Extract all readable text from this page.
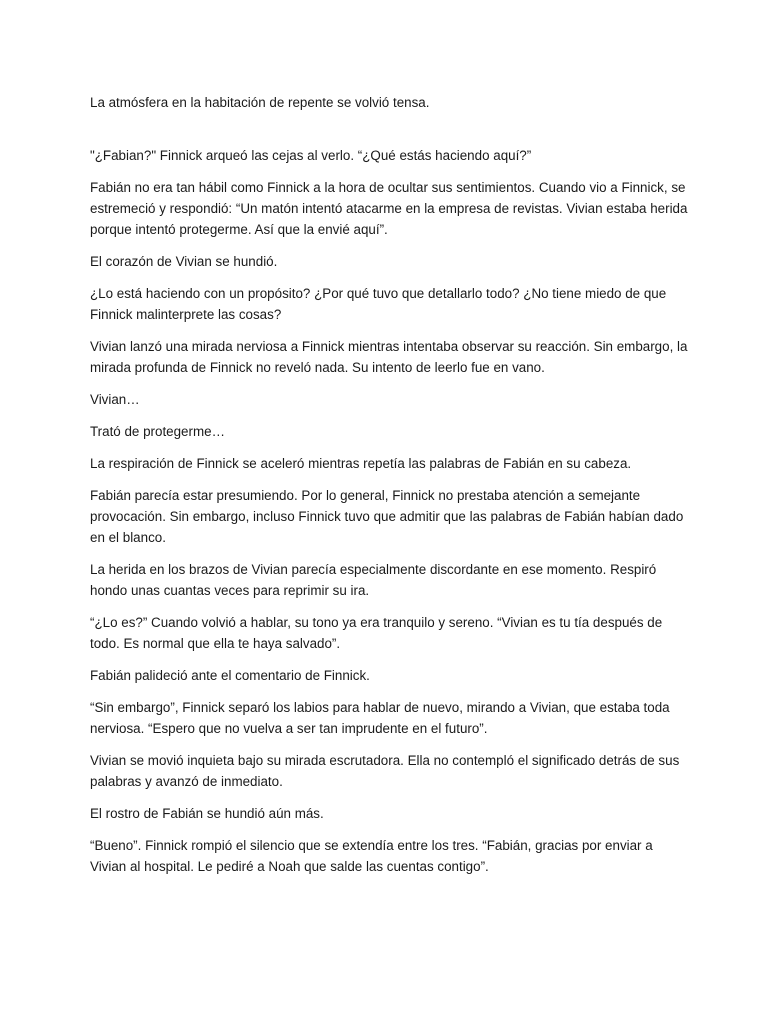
La atmósfera en la habitación de repente se volvió tensa.

"¿Fabian?" Finnick arqueó las cejas al verlo. “¿Qué estás haciendo aquí?”

Fabián no era tan hábil como Finnick a la hora de ocultar sus sentimientos. Cuando vio a Finnick, se estremeció y respondió: “Un matón intentó atacarme en la empresa de revistas. Vivian estaba herida porque intentó protegerme. Así que la envié aquí”.

El corazón de Vivian se hundió.

¿Lo está haciendo con un propósito? ¿Por qué tuvo que detallarlo todo? ¿No tiene miedo de que Finnick malinterprete las cosas?

Vivian lanzó una mirada nerviosa a Finnick mientras intentaba observar su reacción. Sin embargo, la mirada profunda de Finnick no reveló nada. Su intento de leerlo fue en vano.

Vivian…

Trató de protegerme…

La respiración de Finnick se aceleró mientras repetía las palabras de Fabián en su cabeza.

Fabián parecía estar presumiendo. Por lo general, Finnick no prestaba atención a semejante provocación. Sin embargo, incluso Finnick tuvo que admitir que las palabras de Fabián habían dado en el blanco.

La herida en los brazos de Vivian parecía especialmente discordante en ese momento. Respiró hondo unas cuantas veces para reprimir su ira.

“¿Lo es?” Cuando volvió a hablar, su tono ya era tranquilo y sereno. “Vivian es tu tía después de todo. Es normal que ella te haya salvado”.

Fabián palideció ante el comentario de Finnick.

“Sin embargo”, Finnick separó los labios para hablar de nuevo, mirando a Vivian, que estaba toda nerviosa. “Espero que no vuelva a ser tan imprudente en el futuro”.

Vivian se movió inquieta bajo su mirada escrutadora. Ella no contempló el significado detrás de sus palabras y avanzó de inmediato.

El rostro de Fabián se hundió aún más.

“Bueno”. Finnick rompió el silencio que se extendía entre los tres. “Fabián, gracias por enviar a Vivian al hospital. Le pediré a Noah que salde las cuentas contigo”.
